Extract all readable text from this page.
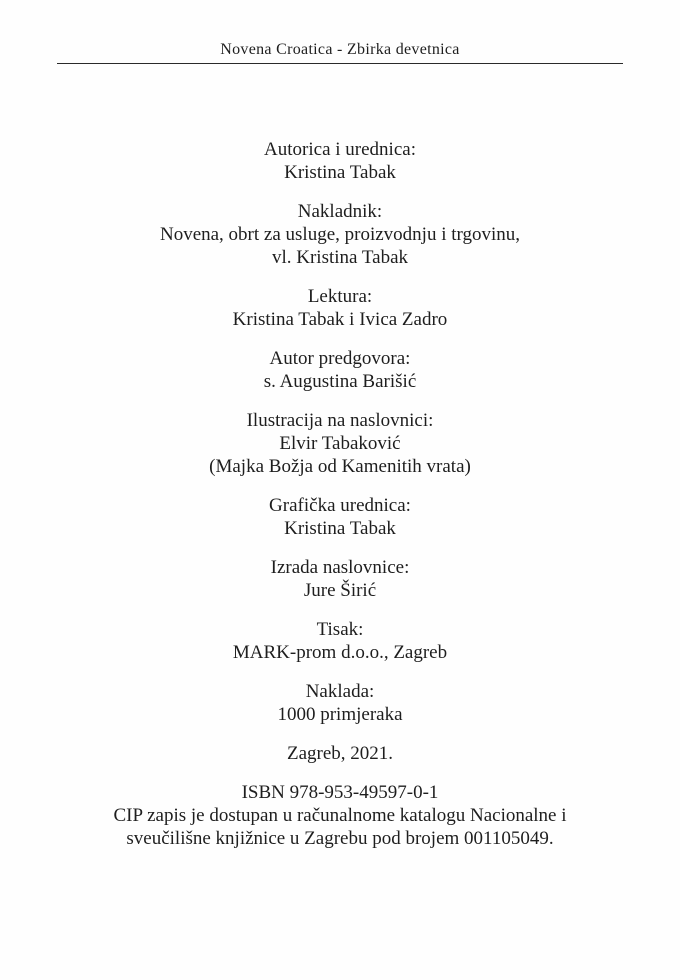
Novena Croatica - Zbirka devetnica

Autorica i urednica:

Kristina Tabak

Nakladnik:

Novena, obrt za usluge, proizvodnju i trgovinu,

vl. Kristina Tabak

Lektura:

Kristina Tabak i Ivica Zadro

Autor predgovora:

s. Augustina Barišić

Ilustracija na naslovnici:

Elvir Tabaković

(Majka Božja od Kamenitih vrata)

Grafička urednica:

Kristina Tabak

Izrada naslovnice:

Jure Širić

Tisak:

MARK-prom d.o.o., Zagreb

Naklada:

1000 primjeraka

Zagreb, 2021.

ISBN 978-953-49597-0-1

CIP zapis je dostupan u računalnome katalogu Nacionalne i

sveučilišne knjižnice u Zagrebu pod brojem 001105049.
